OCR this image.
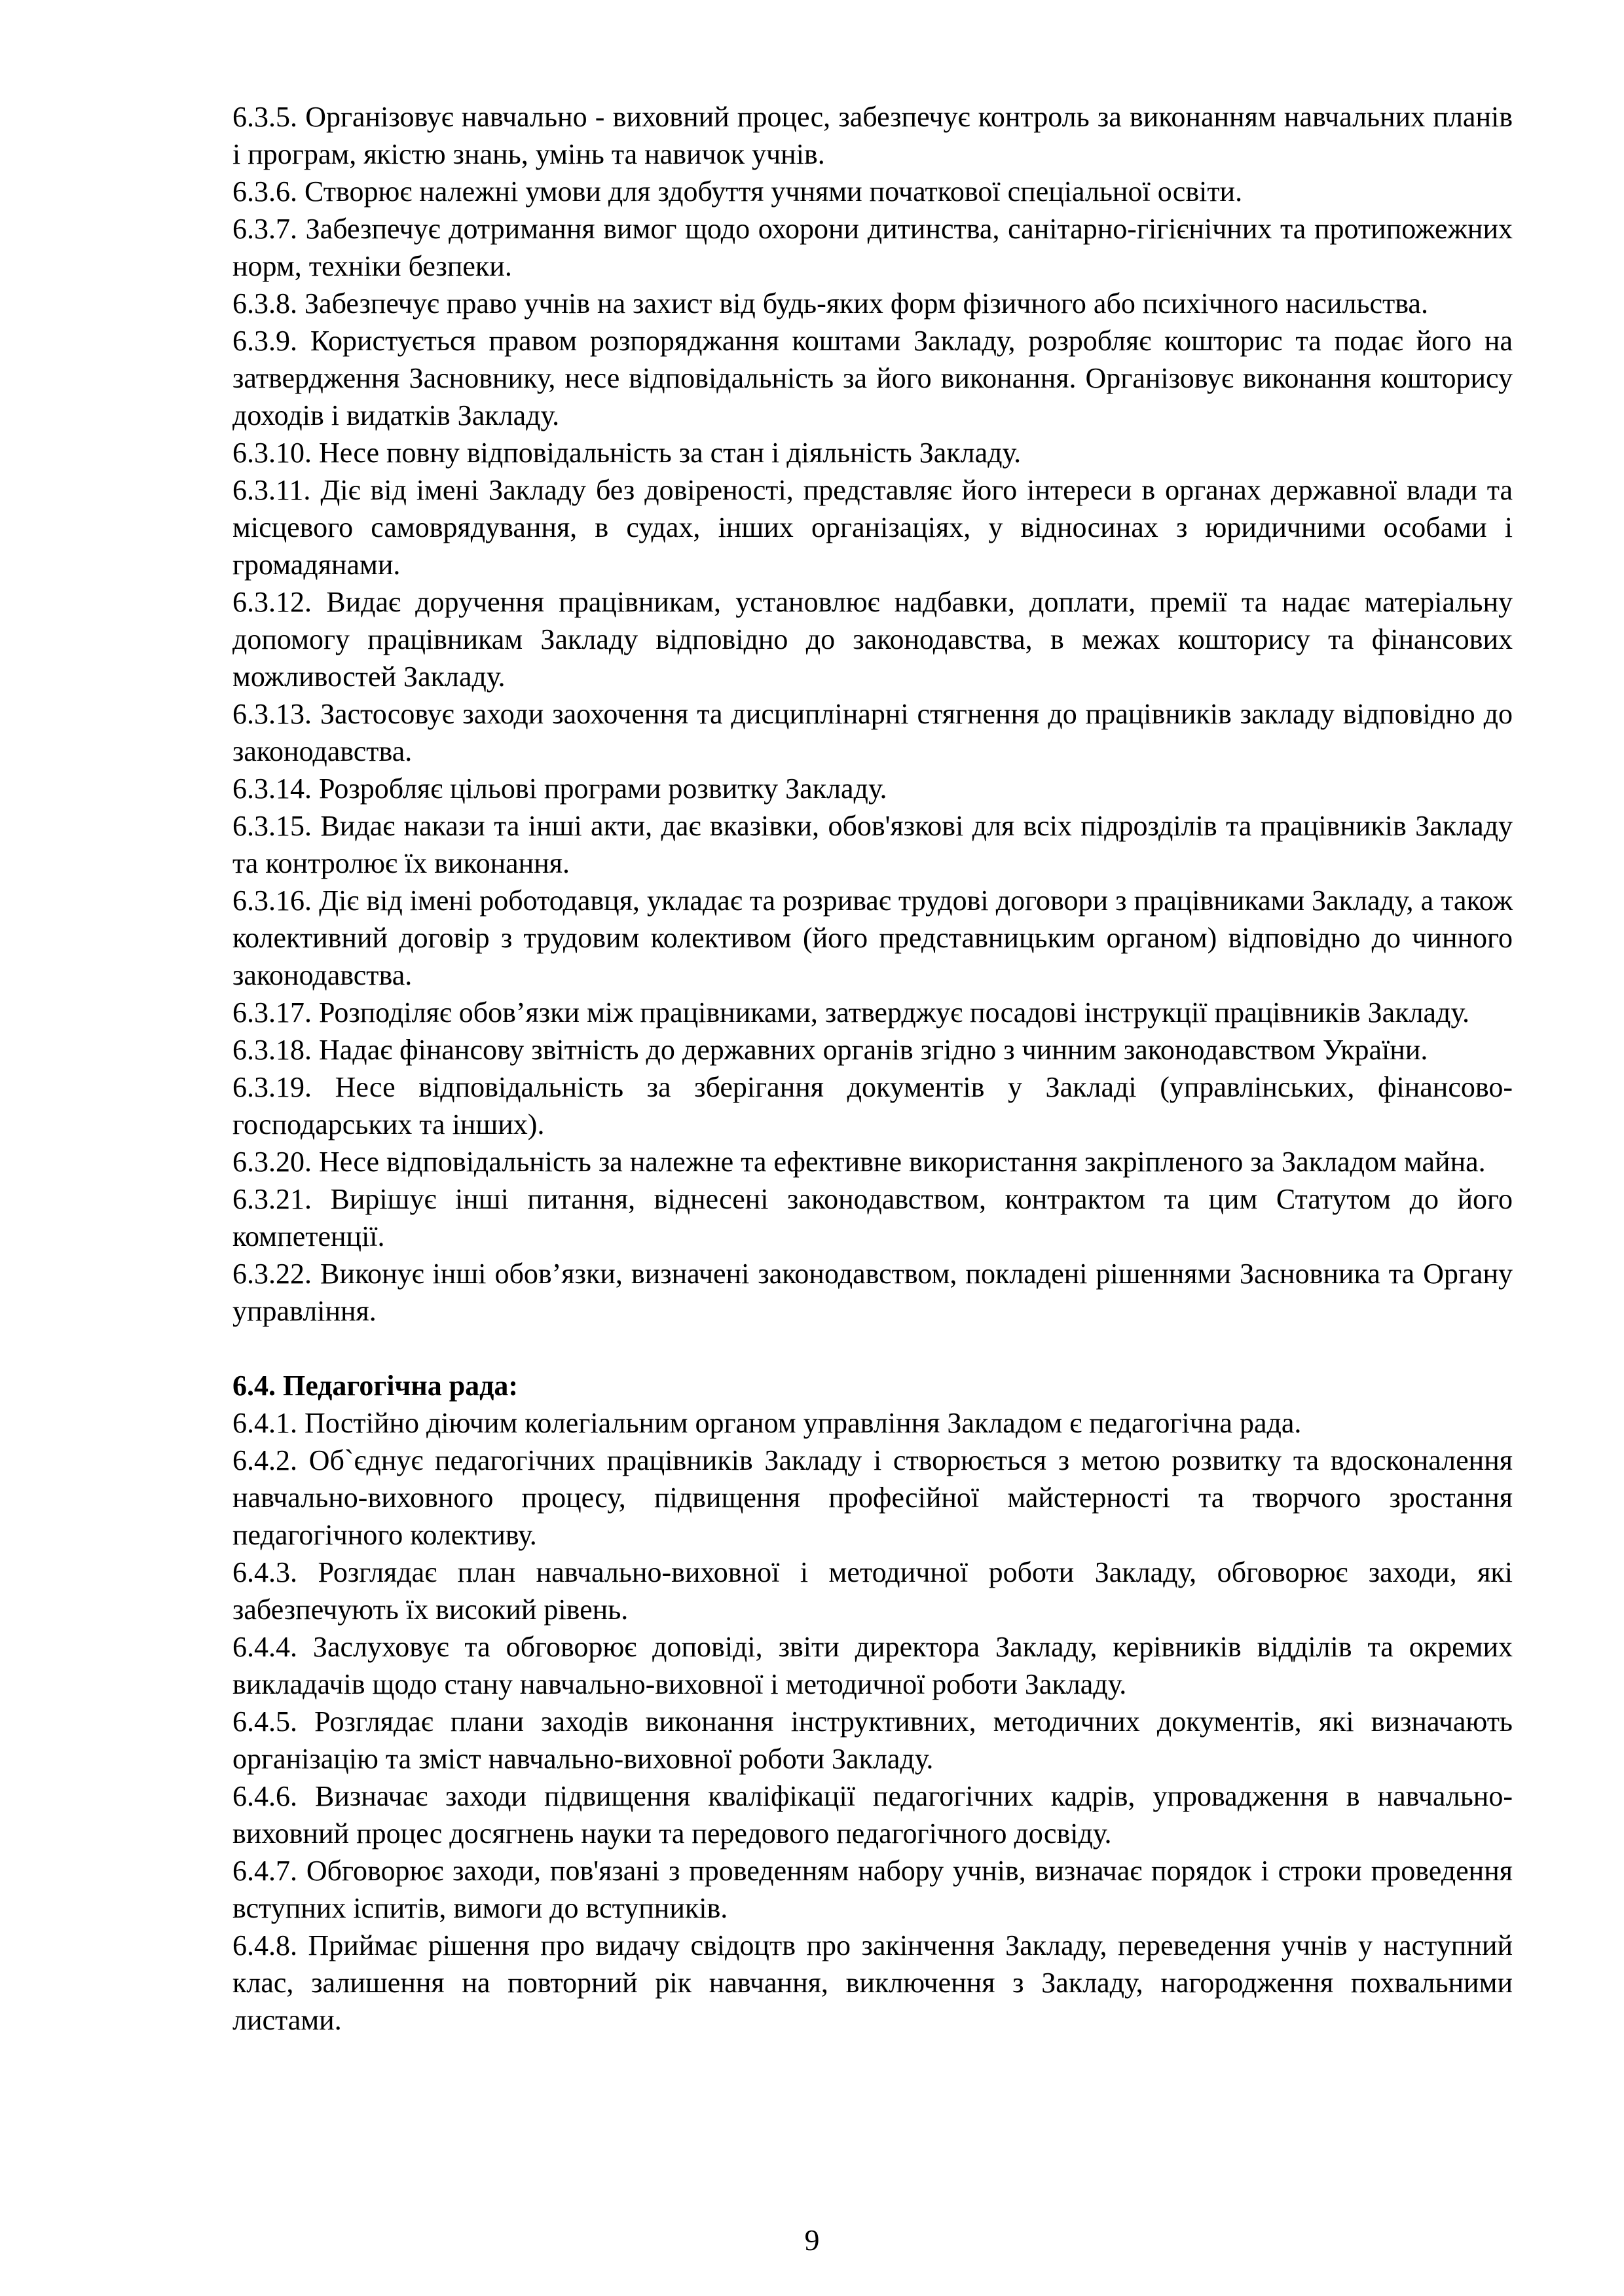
6.3.5. Організовує навчально - виховний процес, забезпечує контроль за виконанням навчальних планів і програм, якістю знань, умінь та навичок учнів.

6.3.6. Створює належні умови для здобуття учнями початкової спеціальної освіти.

6.3.7. Забезпечує дотримання вимог щодо охорони дитинства, санітарно-гігієнічних та протипожежних норм, техніки безпеки.

6.3.8. Забезпечує право учнів на захист від будь-яких форм фізичного або психічного насильства.

6.3.9. Користується правом розпоряджання коштами Закладу, розробляє кошторис та подає його на затвердження Засновнику, несе відповідальність за його виконання. Організовує виконання кошторису доходів і видатків Закладу.

6.3.10. Несе повну відповідальність за стан і діяльність Закладу.

6.3.11. Діє від імені Закладу без довіреності, представляє його інтереси в органах державної влади та місцевого самоврядування, в судах, інших організаціях, у відносинах з юридичними особами і громадянами.

6.3.12. Видає доручення працівникам, установлює надбавки, доплати, премії та надає матеріальну допомогу працівникам Закладу відповідно до законодавства, в межах кошторису та фінансових можливостей Закладу.

6.3.13. Застосовує заходи заохочення та дисциплінарні стягнення до працівників закладу відповідно до законодавства.

6.3.14. Розробляє цільові програми розвитку Закладу.

6.3.15. Видає накази та інші акти, дає вказівки, обов'язкові для всіх підрозділів та працівників Закладу та контролює їх виконання.

6.3.16. Діє від імені роботодавця, укладає та розриває трудові договори з працівниками Закладу, а також колективний договір з трудовим колективом (його представницьким органом) відповідно до чинного законодавства.

6.3.17. Розподіляє обов’язки між працівниками, затверджує посадові інструкції працівників Закладу.

6.3.18. Надає фінансову звітність до державних органів згідно з чинним законодавством України.

6.3.19. Несе відповідальність за зберігання документів у Закладі (управлінських, фінансово- господарських та інших).

6.3.20. Несе відповідальність за належне та ефективне використання закріпленого за Закладом майна.

6.3.21. Вирішує інші питання, віднесені законодавством, контрактом та цим Статутом до його компетенції.

6.3.22. Виконує інші обов’язки, визначені законодавством, покладені рішеннями Засновника та Органу управління.

6.4. Педагогічна рада:

6.4.1. Постійно діючим колегіальним органом управління Закладом є педагогічна рада.

6.4.2. Об`єднує педагогічних працівників Закладу і створюється з метою розвитку та вдосконалення навчально-виховного процесу, підвищення професійної майстерності та творчого зростання педагогічного колективу.

6.4.3. Розглядає план навчально-виховної і методичної роботи Закладу, обговорює заходи, які забезпечують їх високий рівень.

6.4.4. Заслуховує та обговорює доповіді, звіти директора Закладу, керівників відділів та окремих викладачів щодо стану навчально-виховної і методичної роботи Закладу.

6.4.5. Розглядає плани заходів виконання інструктивних, методичних документів, які визначають організацію та зміст навчально-виховної роботи Закладу.

6.4.6. Визначає заходи підвищення кваліфікації педагогічних кадрів, упровадження в навчально-виховний процес досягнень науки та передового педагогічного досвіду.

6.4.7. Обговорює заходи, пов'язані з проведенням набору учнів, визначає порядок і строки проведення вступних іспитів, вимоги до вступників.

6.4.8. Приймає рішення про видачу свідоцтв про закінчення Закладу, переведення учнів у наступний клас, залишення на повторний рік навчання, виключення з Закладу, нагородження похвальними листами.

9
